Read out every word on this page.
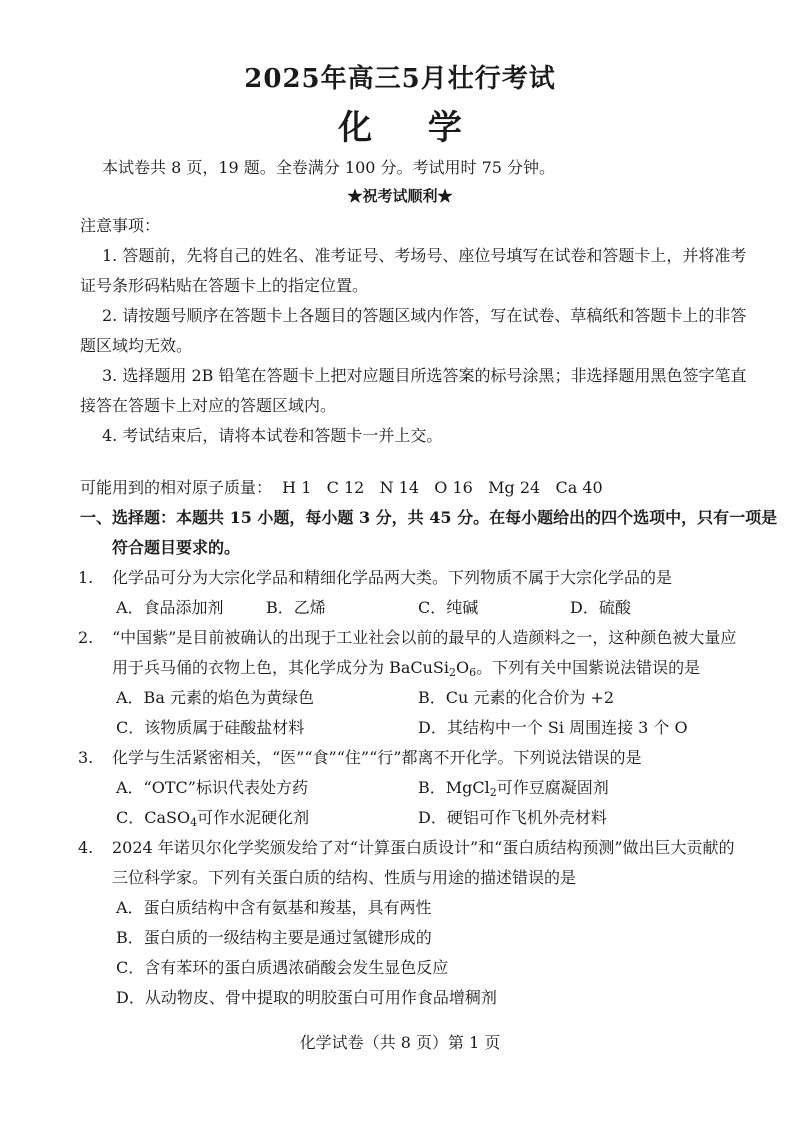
2025年高三5月壮行考试
化 学
本试卷共 8 页，19 题。全卷满分 100 分。考试用时 75 分钟。
★祝考试顺利★
注意事项：
1. 答题前，先将自己的姓名、准考证号、考场号、座位号填写在试卷和答题卡上，并将准考
证号条形码粘贴在答题卡上的指定位置。
2. 请按题号顺序在答题卡上各题目的答题区域内作答，写在试卷、草稿纸和答题卡上的非答
题区域均无效。
3. 选择题用 2B 铅笔在答题卡上把对应题目所选答案的标号涂黑；非选择题用黑色签字笔直
接答在答题卡上对应的答题区域内。
4. 考试结束后，请将本试卷和答题卡一并上交。
可能用到的相对原子质量：  H 1   C 12   N 14   O 16   Mg 24   Ca 40
一、选择题：本题共 15 小题，每小题 3 分，共 45 分。在每小题给出的四个选项中，只有一项是
符合题目要求的。
1. 化学品可分为大宗化学品和精细化学品两大类。下列物质不属于大宗化学品的是
A．食品添加剂	B．乙烯	C．纯碱	D．硫酸
2. “中国紫”是目前被确认的出现于工业社会以前的最早的人造颜料之一，这种颜色被大量应
用于兵马俑的衣物上色，其化学成分为 $BaCuSi_2O_6$。下列有关中国紫说法错误的是
A．Ba 元素的焰色为黄绿色	B．Cu 元素的化合价为 +2
C．该物质属于硅酸盐材料	D．其结构中一个 Si 周围连接 3 个 O
3. 化学与生活紧密相关，“医”“食”“住”“行”都离不开化学。下列说法错误的是
A．“OTC”标识代表处方药	B．MgCl$_2$可作豆腐凝固剂
C．CaSO$_4$可作水泥硬化剂	D．硬铝可作飞机外壳材料
4. 2024 年诺贝尔化学奖颁发给了对“计算蛋白质设计”和“蛋白质结构预测”做出巨大贡献的
三位科学家。下列有关蛋白质的结构、性质与用途的描述错误的是
A．蛋白质结构中含有氨基和羧基，具有两性
B．蛋白质的一级结构主要是通过氢键形成的
C．含有苯环的蛋白质遇浓硝酸会发生显色反应
D．从动物皮、骨中提取的明胶蛋白可用作食品增稠剂
化学试卷（共 8 页）第 1 页
